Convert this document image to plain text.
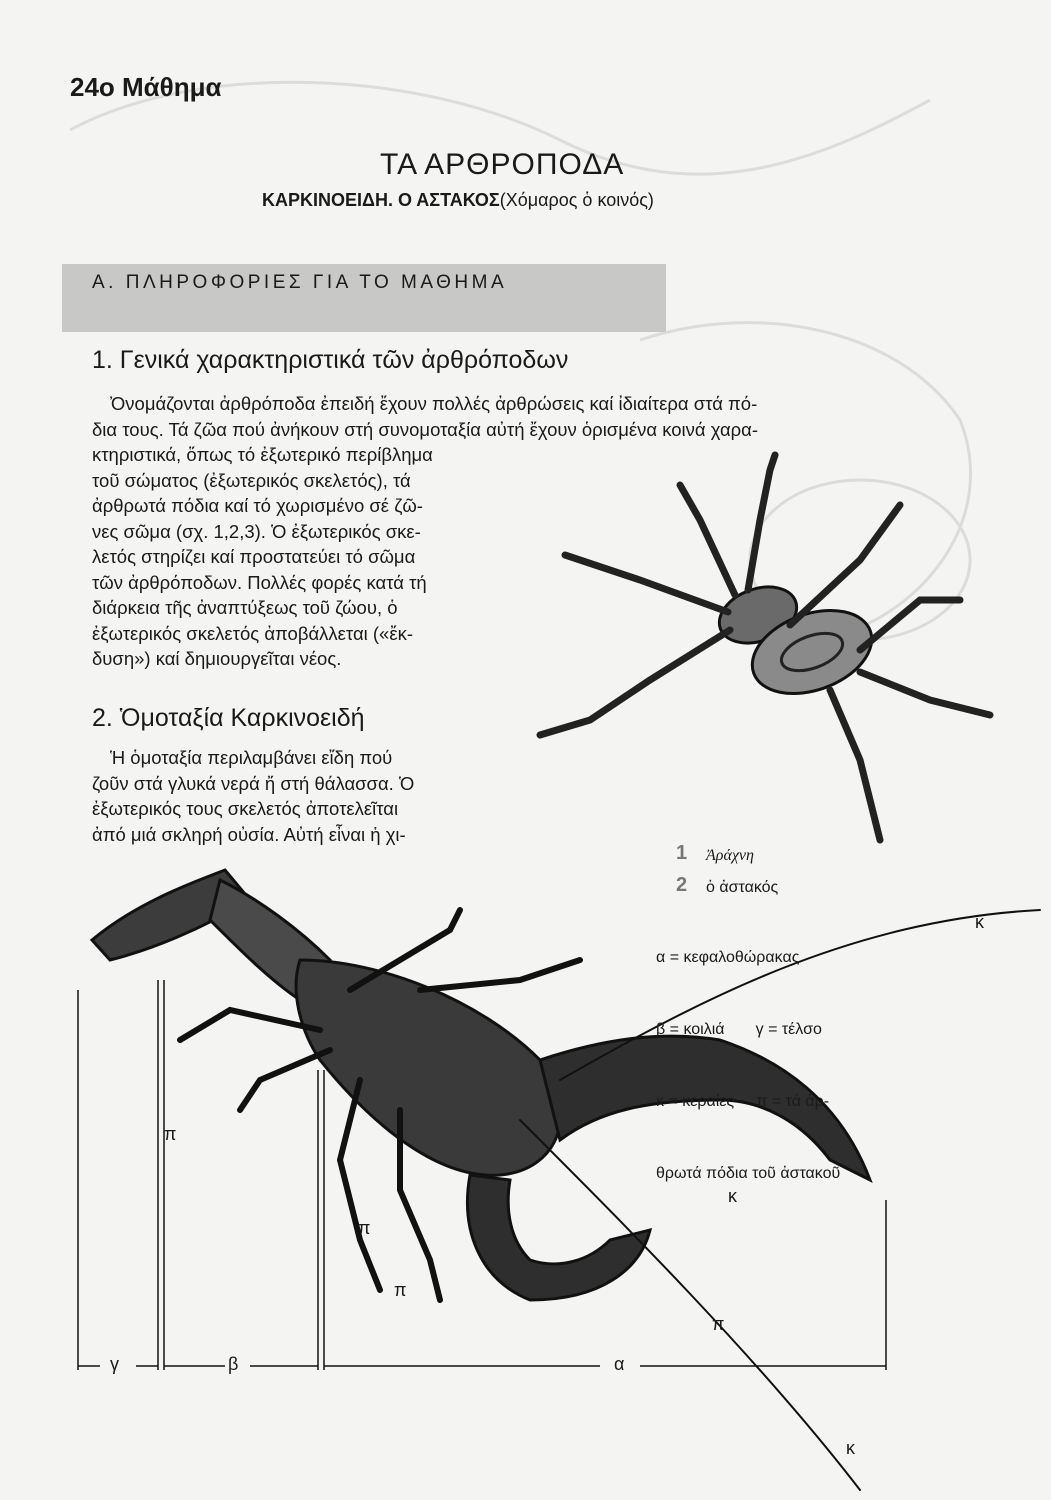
24ο Μάθημα
ΤΑ ΑΡΘΡΟΠΟΔΑ
ΚΑΡΚΙΝΟΕΙΔΗ. Ο ΑΣΤΑΚΟΣ(Χόμαρος ὁ κοινός)
Α. ΠΛΗΡΟΦΟΡΙΕΣ ΓΙΑ ΤΟ ΜΑΘΗΜΑ
1. Γενικά χαρακτηριστικά τῶν ἀρθρόποδων

Ὀνομάζονται ἀρθρόποδα ἐπειδή ἔχουν πολλές ἀρθρώσεις καί ἰδιαίτερα στά πό-

δια τους. Τά ζῶα πού ἀνήκουν στή συνομοταξία αὐτή ἔχουν ὁρισμένα κοινά χαρα-

κτηριστικά, ὅπως τό ἐξωτερικό περίβλημα

τοῦ σώματος (ἐξωτερικός σκελετός), τά

ἀρθρωτά πόδια καί τό χωρισμένο σέ ζῶ-

νες σῶμα (σχ. 1,2,3). Ὁ ἐξωτερικός σκε-

λετός στηρίζει καί προστατεύει τό σῶμα

τῶν ἀρθρόποδων. Πολλές φορές κατά τή

διάρκεια τῆς ἀναπτύξεως τοῦ ζώου, ὁ

ἐξωτερικός σκελετός ἀποβάλλεται («ἔκ-

δυση») καί δημιουργεῖται νέος.

2. Ὁμοταξία Καρκινοειδή

Ἡ ὁμοταξία περιλαμβάνει εἴδη πού

ζοῦν στά γλυκά νερά ἤ στή θάλασσα. Ὁ

ἐξωτερικός τους σκελετός ἀποτελεῖται

ἀπό μιά σκληρή οὐσία. Αὐτή εἶναι ἡ χι-

1 Ἀράχνη
2 ὁ ἀστακός

α = κεφαλοθώρακας

β = κοιλιά       γ = τέλσο

κ = κεραίες     π = τά ἀρ-

θρωτά πόδια τοῦ ἀστακοῦ

κ
κ
κ
π
π
π
π
γ	β	α
